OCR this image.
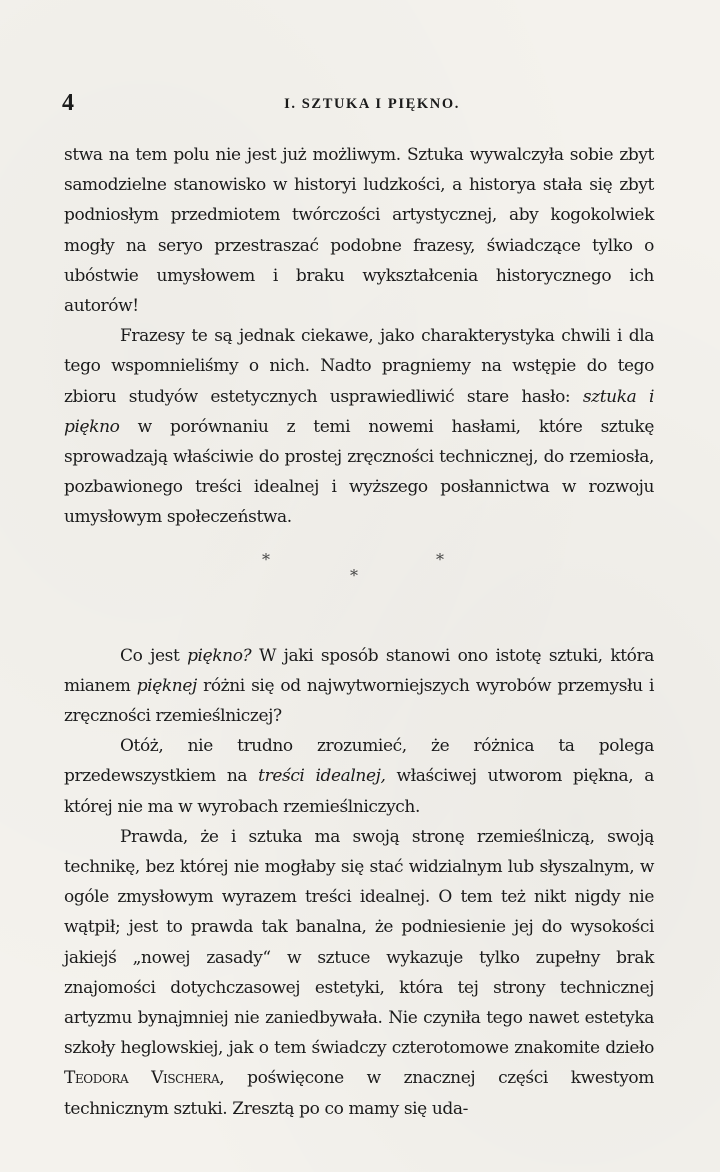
4	I. SZTUKA I PIĘKNO.

stwa na tem polu nie jest już możliwym. Sztuka wywalczyła sobie zbyt samodzielne stanowisko w historyi ludzkości, a historya stała się zbyt podniosłym przedmiotem twórczości artystycznej, aby kogokolwiek mogły na seryo przestraszać podobne frazesy, świadczące tylko o ubóstwie umysłowem i braku wykształcenia historycznego ich autorów!

Frazesy te są jednak ciekawe, jako charakterystyka chwili i dla tego wspomnieliśmy o nich. Nadto pragniemy na wstępie do tego zbioru studyów estetycznych usprawiedliwić stare hasło: sztuka i piękno w porównaniu z temi nowemi hasłami, które sztukę sprowadzają właściwie do prostej zręczności technicznej, do rzemiosła, pozbawionego treści idealnej i wyższego posłannictwa w rozwoju umysłowym społeczeństwa.

*
*
*

Co jest piękno? W jaki sposób stanowi ono istotę sztuki, która mianem pięknej różni się od najwytworniejszych wyrobów przemysłu i zręczności rzemieślniczej?

Otóż, nie trudno zrozumieć, że różnica ta polega przedewszystkiem na treści idealnej, właściwej utworom piękna, a której nie ma w wyrobach rzemieślniczych.

Prawda, że i sztuka ma swoją stronę rzemieślniczą, swoją technikę, bez której nie mogłaby się stać widzialnym lub słyszalnym, w ogóle zmysłowym wyrazem treści idealnej. O tem też nikt nigdy nie wątpił; jest to prawda tak banalna, że podniesienie jej do wysokości jakiejś „nowej zasady“ w sztuce wykazuje tylko zupełny brak znajomości dotychczasowej estetyki, która tej strony technicznej artyzmu bynajmniej nie zaniedbywała. Nie czyniła tego nawet estetyka szkoły heglowskiej, jak o tem świadczy czterotomowe znakomite dzieło Teodora Vischera, poświęcone w znacznej części kwestyom technicznym sztuki. Zresztą po co mamy się uda-
